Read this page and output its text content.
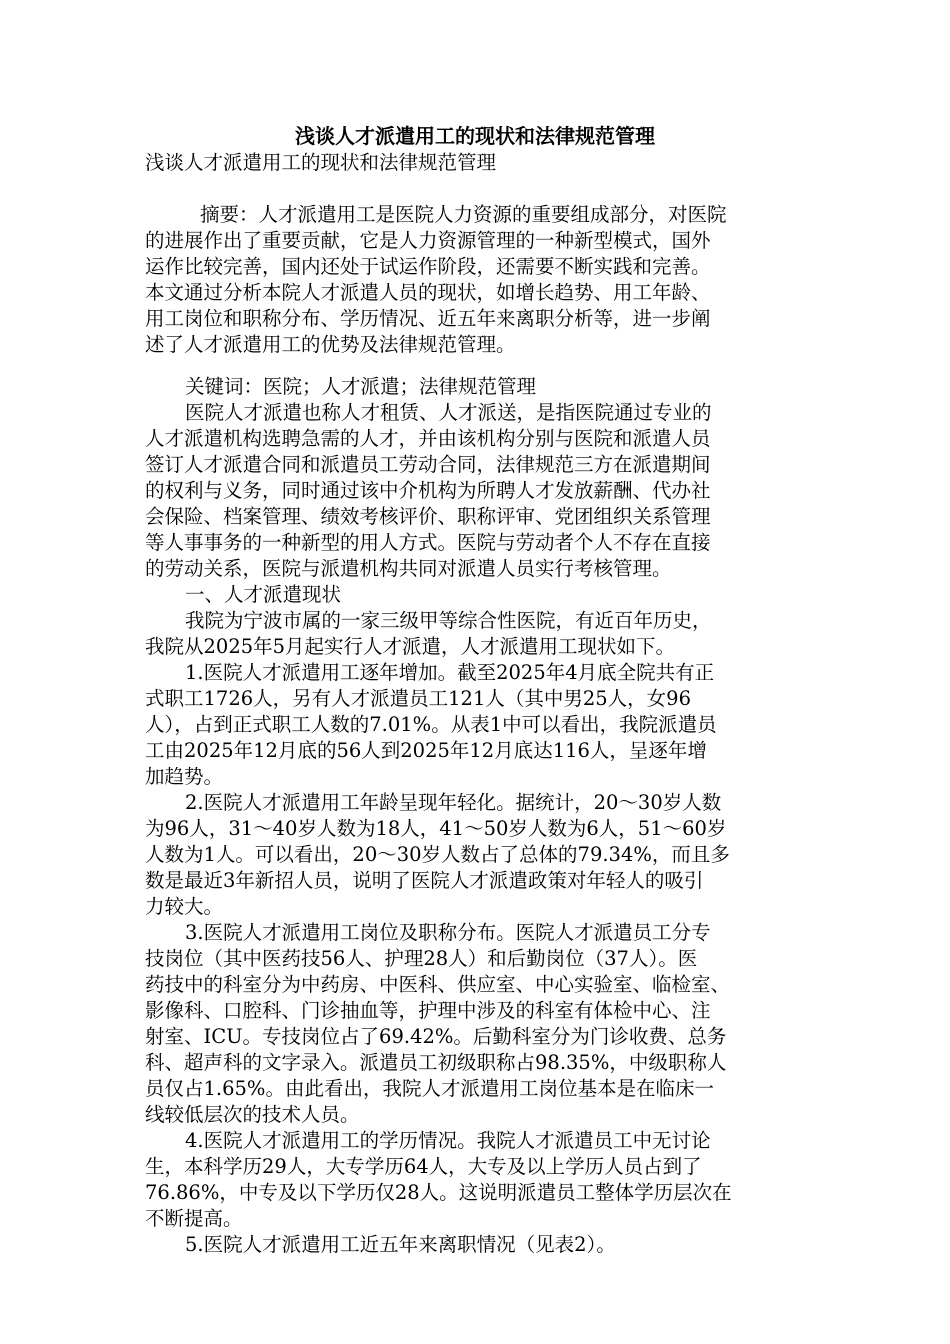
浅谈人才派遣用工的现状和法律规范管理
浅谈人才派遣用工的现状和法律规范管理
摘要：人才派遣用工是医院人力资源的重要组成部分，对医院
的进展作出了重要贡献，它是人力资源管理的一种新型模式，国外
运作比较完善，国内还处于试运作阶段，还需要不断实践和完善。
本文通过分析本院人才派遣人员的现状，如增长趋势、用工年龄、
用工岗位和职称分布、学历情况、近五年来离职分析等，进一步阐
述了人才派遣用工的优势及法律规范管理。
关键词：医院；人才派遣；法律规范管理
医院人才派遣也称人才租赁、人才派送，是指医院通过专业的
人才派遣机构选聘急需的人才，并由该机构分别与医院和派遣人员
签订人才派遣合同和派遣员工劳动合同，法律规范三方在派遣期间
的权利与义务，同时通过该中介机构为所聘人才发放薪酬、代办社
会保险、档案管理、绩效考核评价、职称评审、党团组织关系管理
等人事事务的一种新型的用人方式。医院与劳动者个人不存在直接
的劳动关系，医院与派遣机构共同对派遣人员实行考核管理。
一、人才派遣现状
我院为宁波市属的一家三级甲等综合性医院，有近百年历史，
我院从2025年5月起实行人才派遣，人才派遣用工现状如下。
1.医院人才派遣用工逐年增加。截至2025年4月底全院共有正
式职工1726人，另有人才派遣员工121人（其中男25人，女96
人），占到正式职工人数的7.01%。从表1中可以看出，我院派遣员
工由2025年12月底的56人到2025年12月底达116人，呈逐年增
加趋势。
2.医院人才派遣用工年龄呈现年轻化。据统计，20～30岁人数
为96人，31～40岁人数为18人，41～50岁人数为6人，51～60岁
人数为1人。可以看出，20～30岁人数占了总体的79.34%，而且多
数是最近3年新招人员，说明了医院人才派遣政策对年轻人的吸引
力较大。
3.医院人才派遣用工岗位及职称分布。医院人才派遣员工分专
技岗位（其中医药技56人、护理28人）和后勤岗位（37人）。医
药技中的科室分为中药房、中医科、供应室、中心实验室、临检室、
影像科、口腔科、门诊抽血等，护理中涉及的科室有体检中心、注
射室、ICU。专技岗位占了69.42%。后勤科室分为门诊收费、总务
科、超声科的文字录入。派遣员工初级职称占98.35%，中级职称人
员仅占1.65%。由此看出，我院人才派遣用工岗位基本是在临床一
线较低层次的技术人员。
4.医院人才派遣用工的学历情况。我院人才派遣员工中无讨论
生，本科学历29人，大专学历64人，大专及以上学历人员占到了
76.86%，中专及以下学历仅28人。这说明派遣员工整体学历层次在
不断提高。
5.医院人才派遣用工近五年来离职情况（见表2）。
